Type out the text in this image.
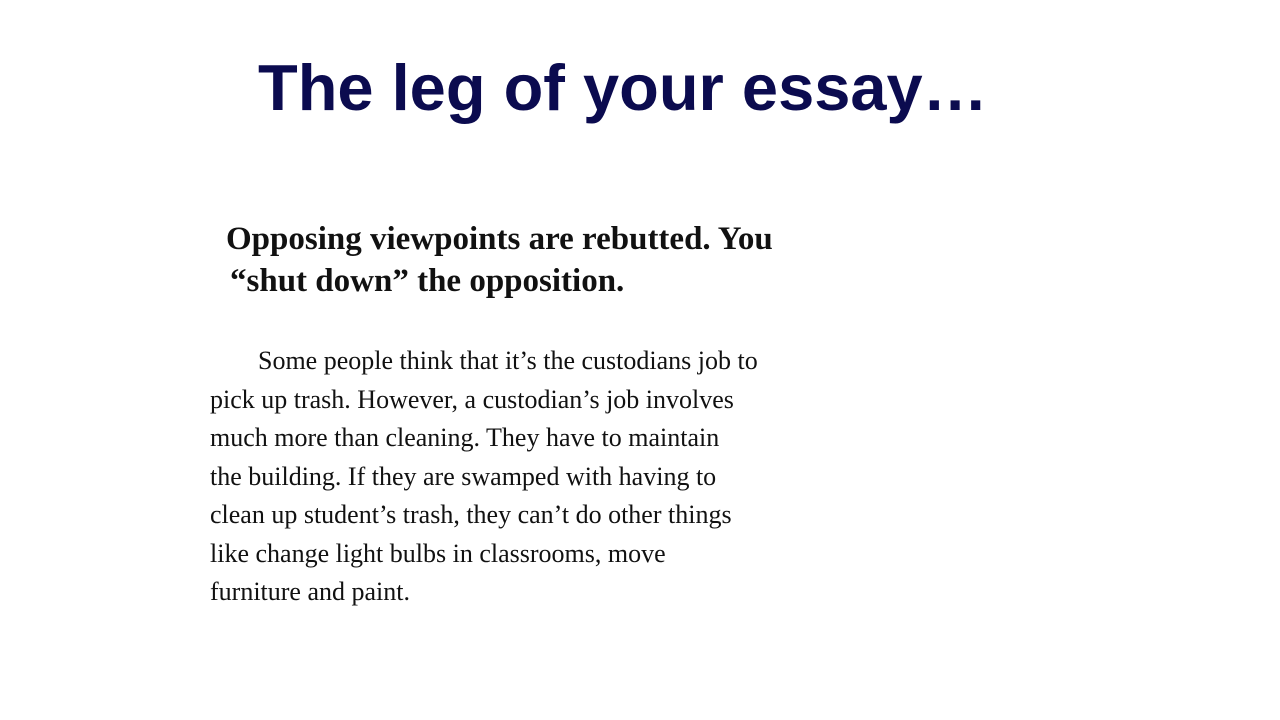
The leg of your essay…
Opposing viewpoints are rebutted. You
“shut down” the opposition.
Some people think that it’s the custodians job to
pick up trash. However, a custodian’s job involves
much more than cleaning. They have to maintain
the building. If they are swamped with having to
clean up student’s trash, they can’t do other things
like change light bulbs in classrooms, move
furniture and paint.
